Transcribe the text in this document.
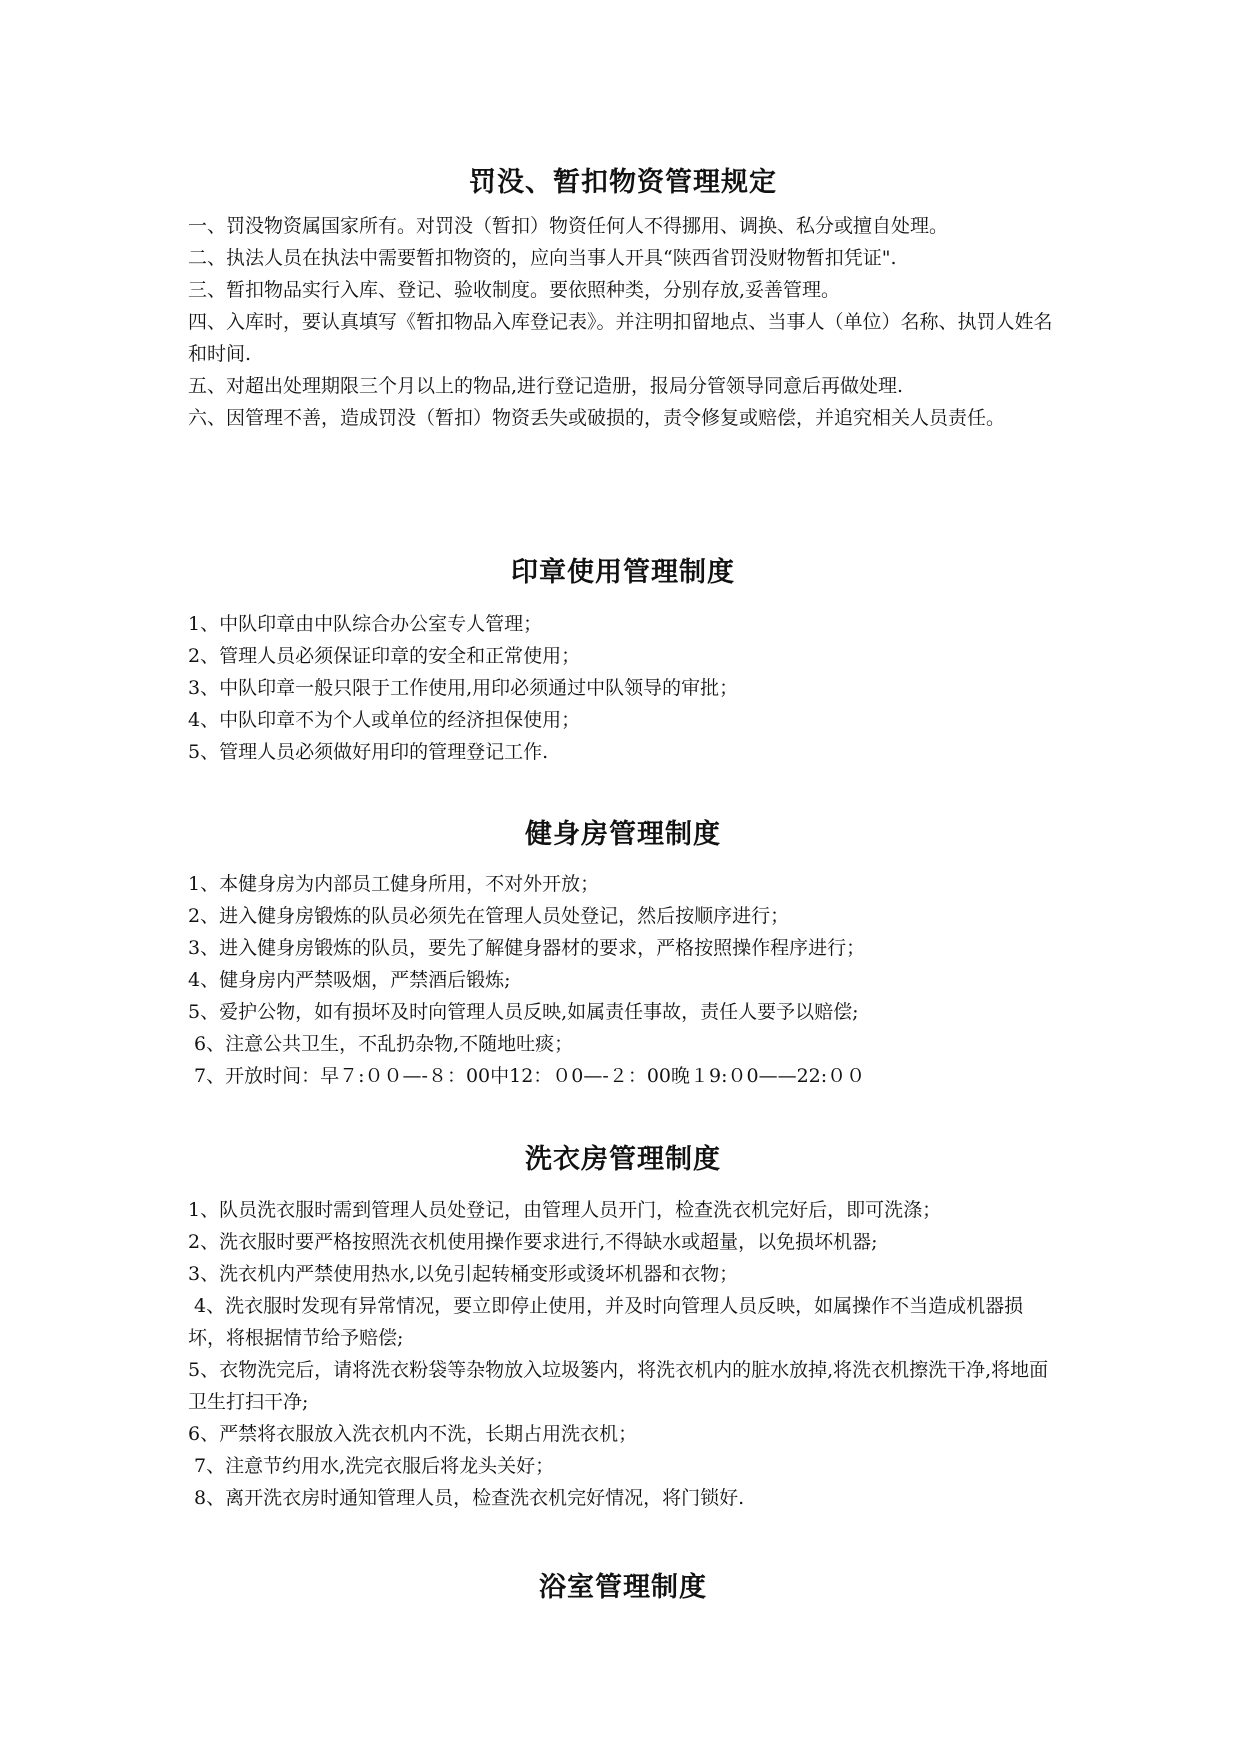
罚没、暂扣物资管理规定
一、罚没物资属国家所有。对罚没（暂扣）物资任何人不得挪用、调换、私分或擅自处理。
二、执法人员在执法中需要暂扣物资的，应向当事人开具“陕西省罚没财物暂扣凭证".
三、暂扣物品实行入库、登记、验收制度。要依照种类，分别存放,妥善管理。
四、入库时，要认真填写《暂扣物品入库登记表》。并注明扣留地点、当事人（单位）名称、执罚人姓名和时间.
五、对超出处理期限三个月以上的物品,进行登记造册，报局分管领导同意后再做处理.
六、因管理不善，造成罚没（暂扣）物资丢失或破损的，责令修复或赔偿，并追究相关人员责任。
印章使用管理制度
1、中队印章由中队综合办公室专人管理；
2、管理人员必须保证印章的安全和正常使用；
3、中队印章一般只限于工作使用,用印必须通过中队领导的审批；
4、中队印章不为个人或单位的经济担保使用；
5、管理人员必须做好用印的管理登记工作.
健身房管理制度
1、本健身房为内部员工健身所用，不对外开放；
2、进入健身房锻炼的队员必须先在管理人员处登记，然后按顺序进行；
3、进入健身房锻炼的队员，要先了解健身器材的要求，严格按照操作程序进行；
4、健身房内严禁吸烟，严禁酒后锻炼;
5、爱护公物，如有损坏及时向管理人员反映,如属责任事故，责任人要予以赔偿;
6、注意公共卫生，不乱扔杂物,不随地吐痰；
7、开放时间：早７:００—-８：00中12：０0—-２：00晚１9:０0——22:００
洗衣房管理制度
1、队员洗衣服时需到管理人员处登记，由管理人员开门，检查洗衣机完好后，即可洗涤；
2、洗衣服时要严格按照洗衣机使用操作要求进行,不得缺水或超量，以免损坏机器;
3、洗衣机内严禁使用热水,以免引起转桶变形或烫坏机器和衣物；
4、洗衣服时发现有异常情况，要立即停止使用，并及时向管理人员反映，如属操作不当造成机器损坏，将根据情节给予赔偿;
5、衣物洗完后，请将洗衣粉袋等杂物放入垃圾篓内，将洗衣机内的脏水放掉,将洗衣机擦洗干净,将地面卫生打扫干净;
6、严禁将衣服放入洗衣机内不洗，长期占用洗衣机；
7、注意节约用水,洗完衣服后将龙头关好；
8、离开洗衣房时通知管理人员，检查洗衣机完好情况，将门锁好.
浴室管理制度
